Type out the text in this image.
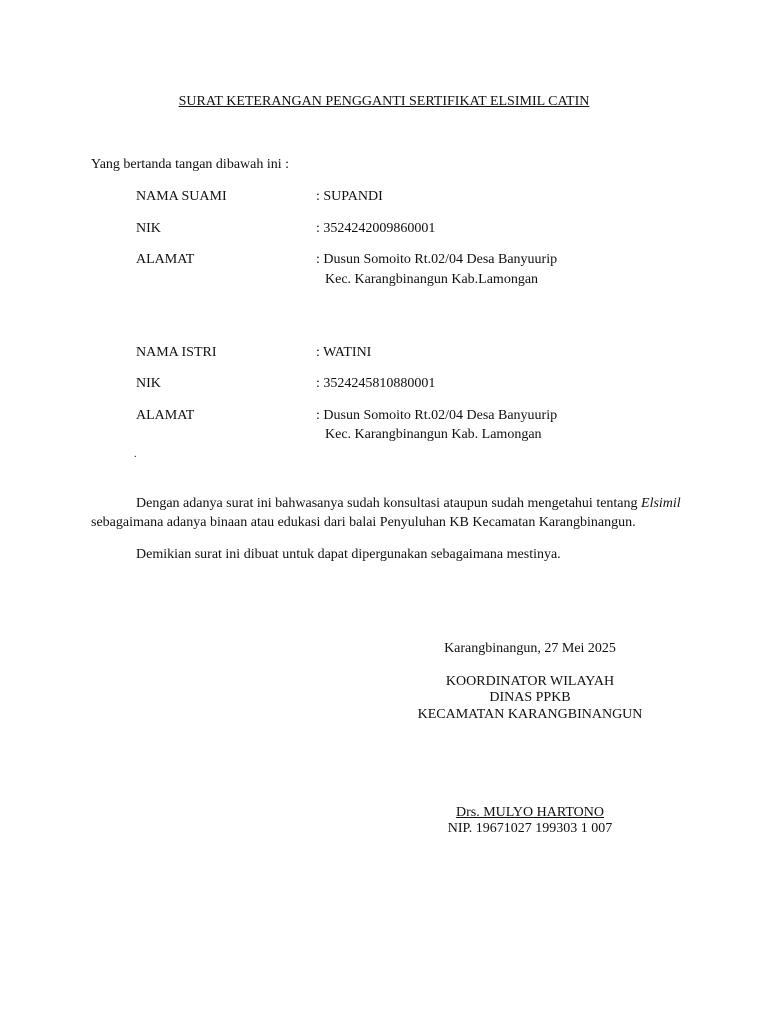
SURAT KETERANGAN PENGGANTI SERTIFIKAT ELSIMIL CATIN
Yang bertanda tangan dibawah ini :
NAMA SUAMI	: SUPANDI
NIK	: 3524242009860001
ALAMAT	: Dusun Somoito Rt.02/04 Desa Banyuurip
Kec. Karangbinangun Kab.Lamongan
NAMA ISTRI	: WATINI
NIK	: 3524245810880001
ALAMAT	: Dusun Somoito Rt.02/04 Desa Banyuurip
Kec. Karangbinangun Kab. Lamongan
.
Dengan adanya surat ini bahwasanya sudah konsultasi ataupun sudah mengetahui tentang Elsimil
sebagaimana adanya binaan atau edukasi dari balai Penyuluhan KB Kecamatan Karangbinangun.
Demikian surat ini dibuat untuk dapat dipergunakan sebagaimana mestinya.
Karangbinangun, 27 Mei 2025
KOORDINATOR WILAYAH
DINAS PPKB
KECAMATAN KARANGBINANGUN
Drs. MULYO HARTONO
NIP. 19671027 199303 1 007
